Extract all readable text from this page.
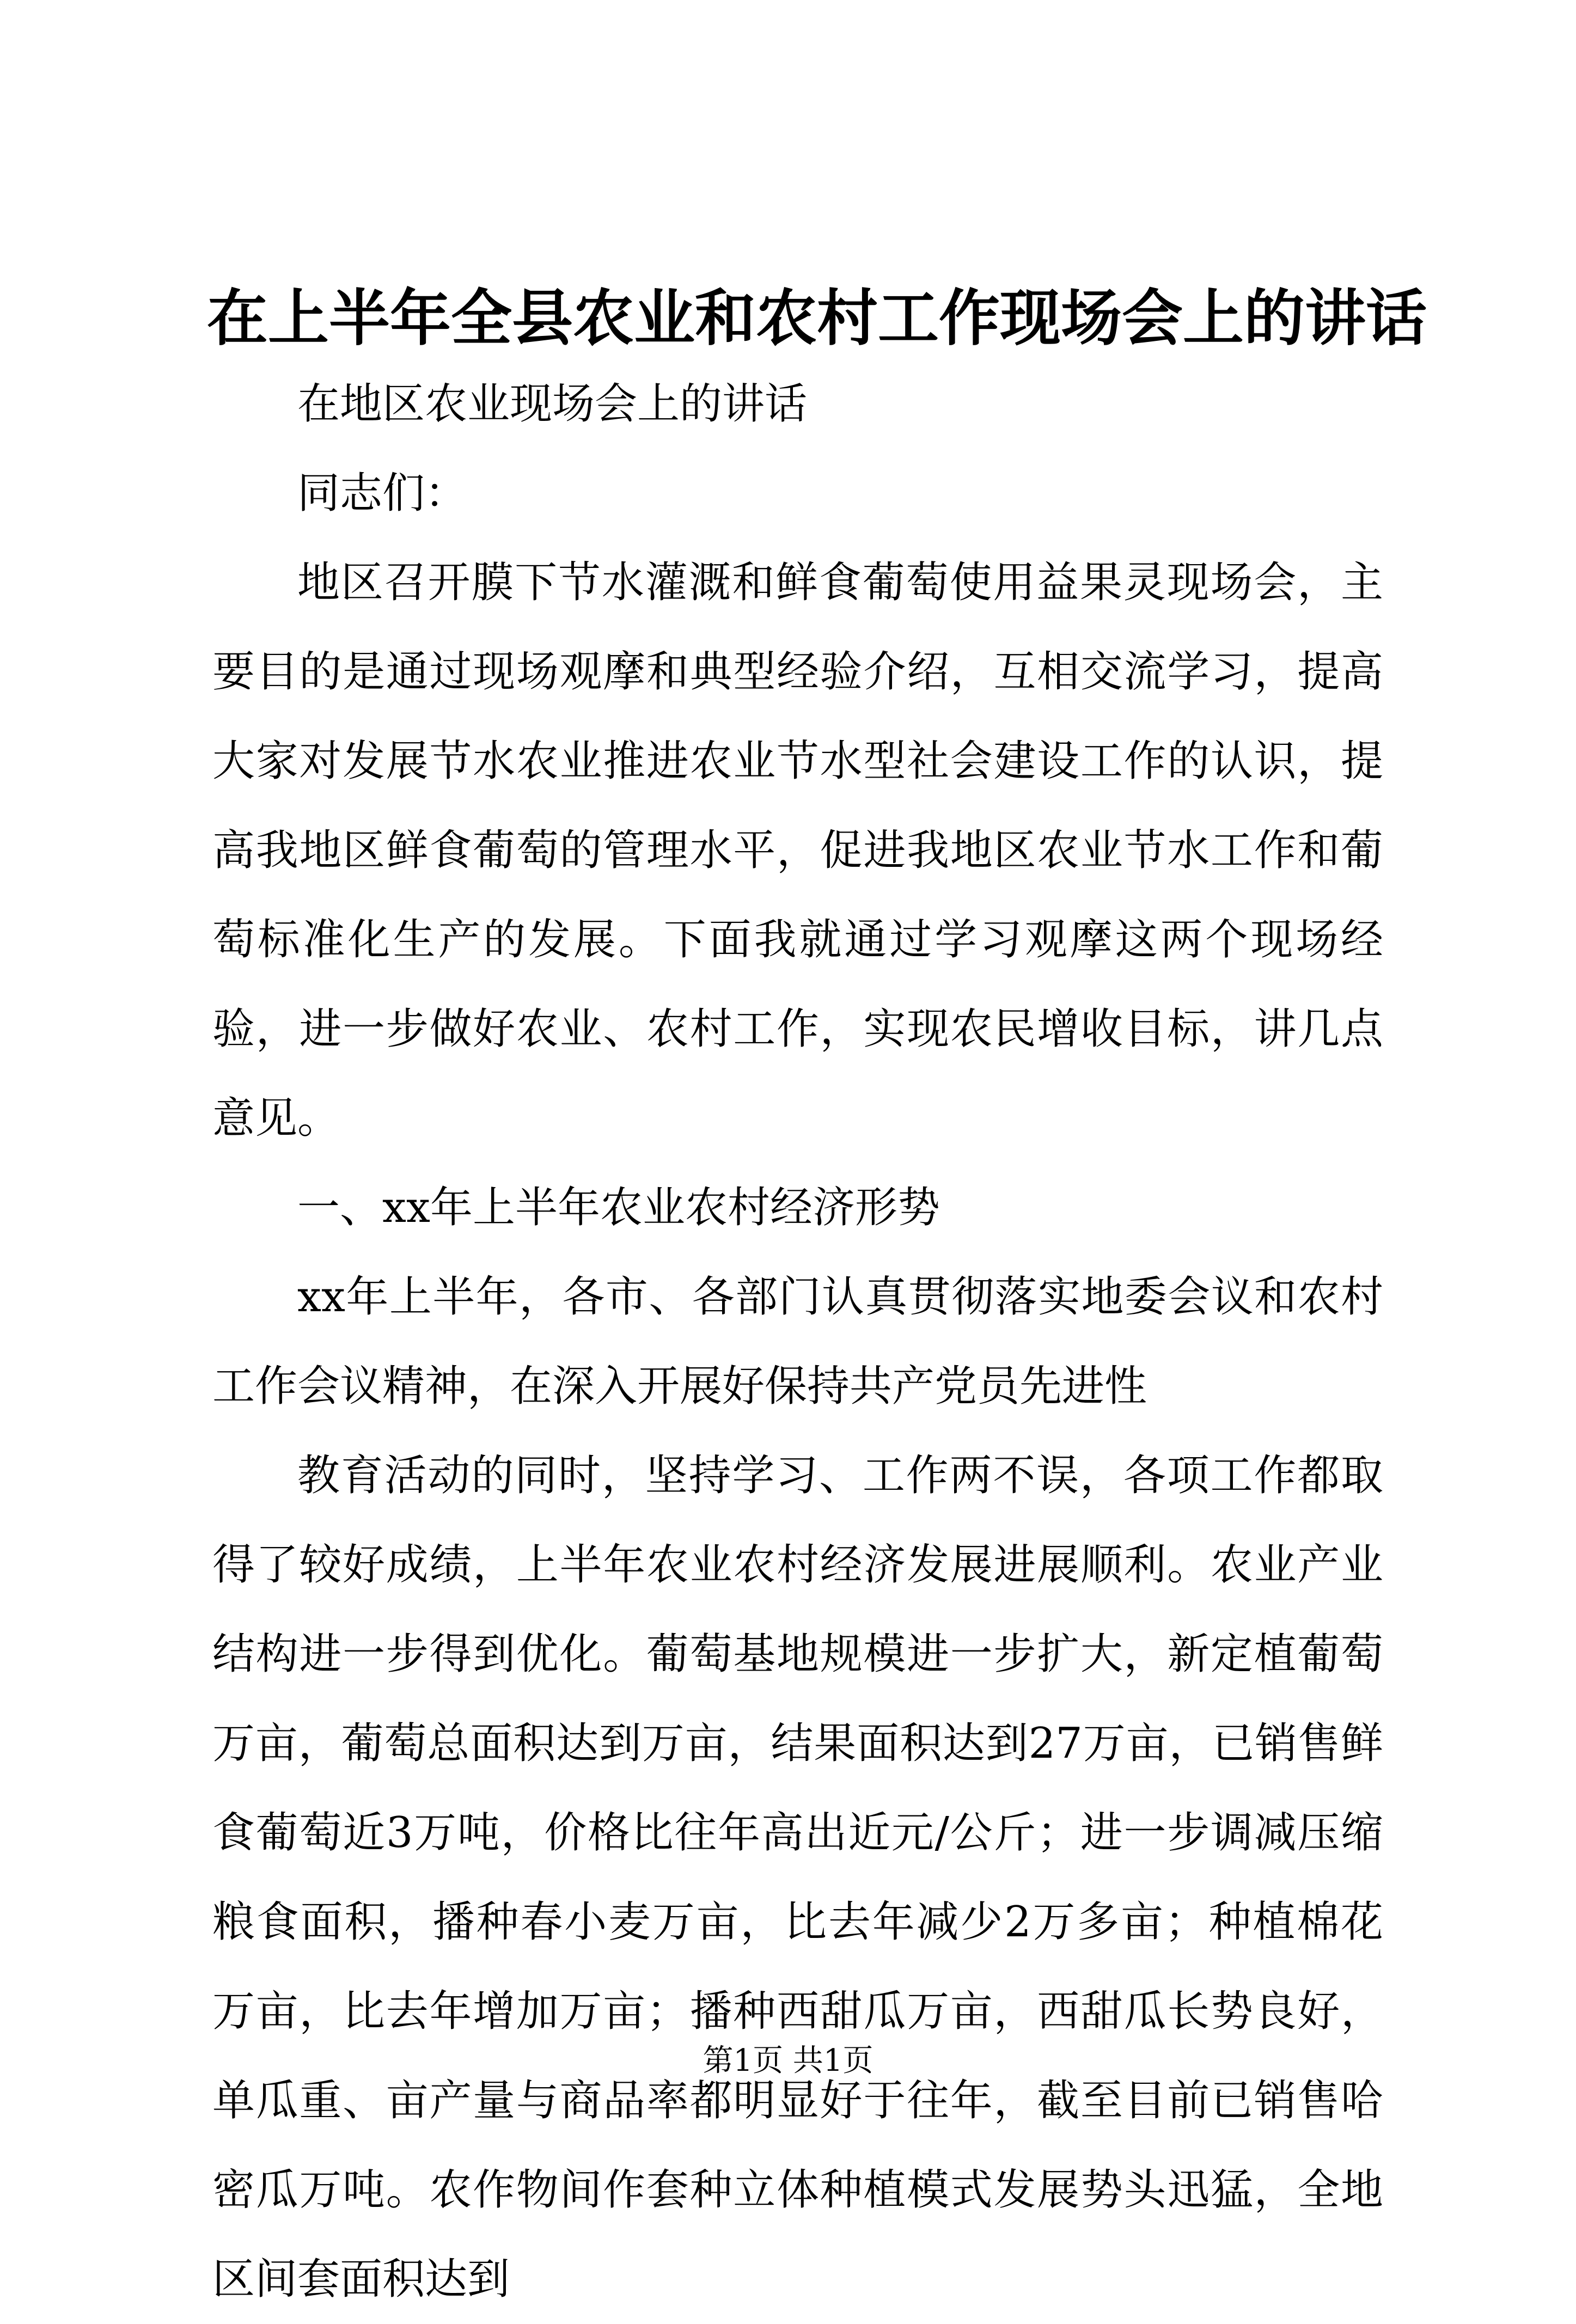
在上半年全县农业和农村工作现场会上的讲话

在地区农业现场会上的讲话

同志们：

地区召开膜下节水灌溉和鲜食葡萄使用益果灵现场会，主要目的是通过现场观摩和典型经验介绍，互相交流学习，提高大家对发展节水农业推进农业节水型社会建设工作的认识，提高我地区鲜食葡萄的管理水平，促进我地区农业节水工作和葡萄标准化生产的发展。下面我就通过学习观摩这两个现场经验，进一步做好农业、农村工作，实现农民增收目标，讲几点意见。

一、xx年上半年农业农村经济形势

xx年上半年，各市、各部门认真贯彻落实地委会议和农村工作会议精神，在深入开展好保持共产党员先进性

教育活动的同时，坚持学习、工作两不误，各项工作都取得了较好成绩，上半年农业农村经济发展进展顺利。农业产业结构进一步得到优化。葡萄基地规模进一步扩大，新定植葡萄万亩，葡萄总面积达到万亩，结果面积达到27万亩，已销售鲜食葡萄近3万吨，价格比往年高出近元/公斤；进一步调减压缩粮食面积，播种春小麦万亩，比去年减少2万多亩；种植棉花万亩，比去年增加万亩；播种西甜瓜万亩，西甜瓜长势良好，单瓜重、亩产量与商品率都明显好于往年，截至目前已销售哈密瓜万吨。农作物间作套种立体种植模式发展势头迅猛，全地区间套面积达到

第1页 共1页
